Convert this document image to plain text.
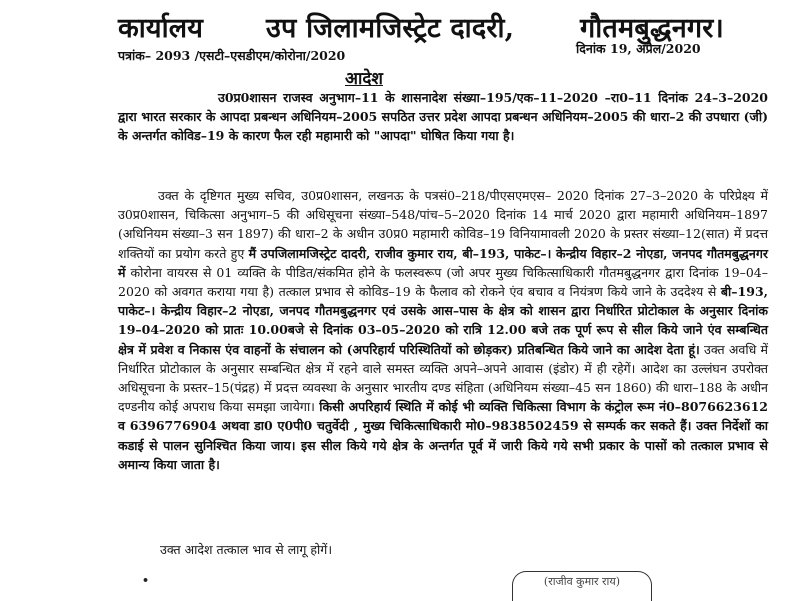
कार्यालय उप जिलामजिस्ट्रेट दादरी, गौतमबुद्धनगर।
पत्रांक– 2093 /एसटी–एसडीएम/कोरोना/2020	दिनांक 19, अप्रैल/2020
आदेश

उ0प्र0शासन राजस्व अनुभाग–11 के शासनादेश संख्या–195/एक–11–2020 –रा0–11 दिनांक 24–3–2020 द्वारा भारत सरकार के आपदा प्रबन्धन अधिनियम–2005 सपठित उत्तर प्रदेश आपदा प्रबन्धन अधिनियम–2005 की धारा–2 की उपधारा (जी) के अन्तर्गत कोविड–19 के कारण फैल रही महामारी को "आपदा" घोषित किया गया है।

उक्त के दृष्टिगत मुख्य सचिव, उ0प्र0शासन, लखनऊ के पत्रसं0–218/पीएसएमएस– 2020 दिनांक 27–3–2020 के परिप्रेक्ष्य में उ0प्र0शासन, चिकित्सा अनुभाग–5 की अधिसूचना संख्या–548/पांच–5–2020 दिनांक 14 मार्च 2020 द्वारा महामारी अधिनियम–1897 (अधिनियम संख्या–3 सन 1897) की धारा–2 के अधीन उ0प्र0 महामारी कोविड–19 विनियामावली 2020 के प्रस्तर संख्या–12(सात) में प्रदत्त शक्तियों का प्रयोग करते हुए मैं उपजिलामजिस्ट्रेट दादरी, राजीव कुमार राय, बी–193, पाकेट–। केन्द्रीय विहार–2 नोएडा, जनपद गौतमबुद्धनगर में कोरोना वायरस से 01 व्यक्ति के पीडित/संकमित होने के फलस्वरूप (जो अपर मुख्य चिकित्साधिकारी गौतमबुद्धनगर द्वारा दिनांक 19–04–2020 को अवगत कराया गया है) तत्काल प्रभाव से कोविड–19 के फैलाव को रोकने एंव बचाव व नियंत्रण किये जाने के उददेश्य से बी–193, पाकेट–। केन्द्रीय विहार–2 नोएडा, जनपद गौतमबुद्धनगर एवं उसके आस–पास के क्षेत्र को शासन द्वारा निर्धारित प्रोटोकाल के अनुसार दिनांक 19–04–2020 को प्रातः 10.00बजे से दिनांक 03–05–2020 को रात्रि 12.00 बजे तक पूर्ण रूप से सील किये जाने एंव सम्बन्धित क्षेत्र में प्रवेश व निकास एंव वाहनों के संचालन को (अपरिहार्य परिस्थितियों को छोड़कर) प्रतिबन्धित किये जाने का आदेश देता हूं। उक्त अवधि में निर्धारित प्रोटोकाल के अनुसार सम्बन्धित क्षेत्र में रहने वाले समस्त व्यक्ति अपने–अपने आवास (इंडोर) में ही रहेगें। आदेश का उल्लंघन उपरोक्त अधिसूचना के प्रस्तर–15(पंद्रह) में प्रदत्त व्यवस्था के अनुसार भारतीय दण्ड संहिता (अधिनियम संख्या–45 सन 1860) की धारा–188 के अधीन दण्डनीय कोई अपराध किया समझा जायेगा। किसी अपरिहार्य स्थिति में कोई भी व्यक्ति चिकित्सा विभाग के कंट्रोल रूम नं0–8076623612 व 6396776904 अथवा डा0 ए0पी0 चतुर्वेदी , मुख्य चिकित्साधिकारी मो0–9838502459 से सम्पर्क कर सकते हैं। उक्त निर्देशों का कडाई से पालन सुनिश्चित किया जाय। इस सील किये गये क्षेत्र के अन्तर्गत पूर्व में जारी किये गये सभी प्रकार के पासों को तत्काल प्रभाव से अमान्य किया जाता है।

उक्त आदेश तत्काल भाव से लागू होगें।
•	(राजीव कुमार राय)
